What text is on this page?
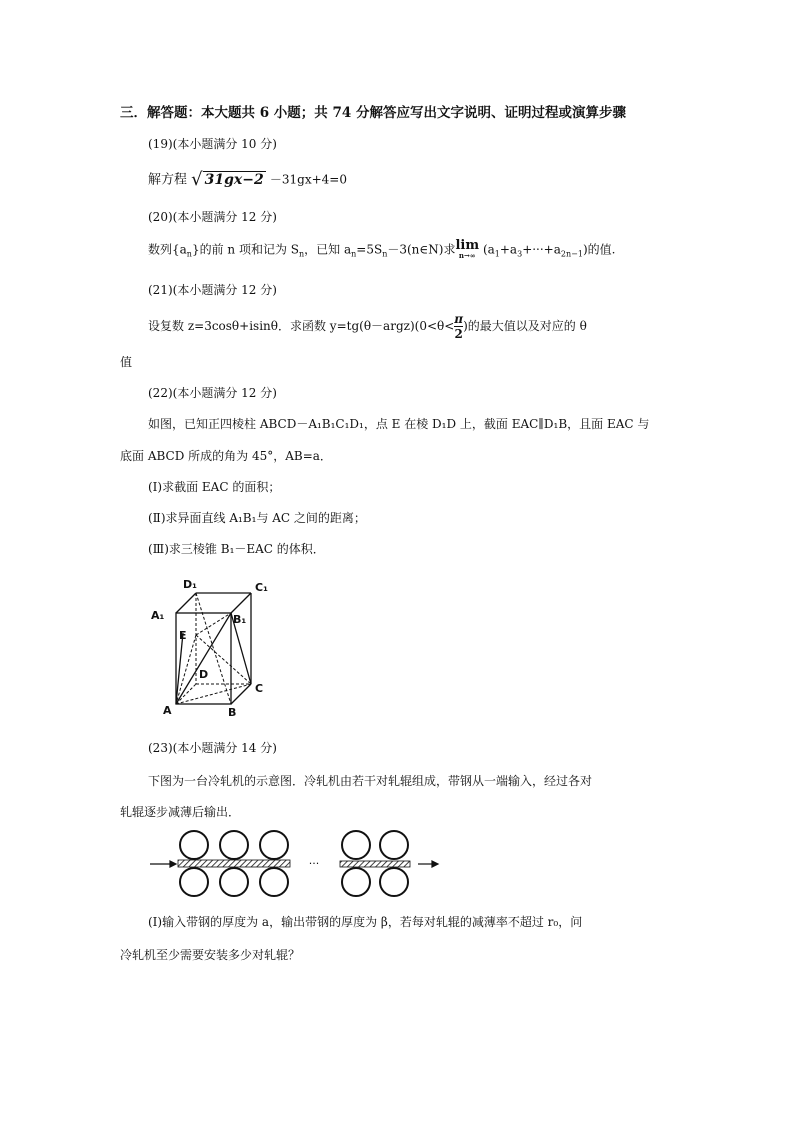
三．解答题：本大题共 6 小题；共 74 分解答应写出文字说明、证明过程或演算步骤
(19)(本小题满分 10 分)
解方程 √ 31gx−2 －31gx+4=0
(20)(本小题满分 12 分)
数列$\{a_n\}$的前 n 项和记为 $S_n$，已知 $a_n=5S_n-3(n\in N)$求 lim
n→∞ $(a_1+a_3+\cdot\cdot\cdot+a_{2n-1})$的值.
(21)(本小题满分 12 分)
设复数 z=3cosθ+isinθ．求函数 y=tg(θ－argz)(0<θ< $\frac{\pi}{2}$ )的最大值以及对应的 θ
值
(22)(本小题满分 12 分)
如图，已知正四棱柱 ABCD－A₁B₁C₁D₁，点 E 在棱 D₁D 上，截面 EAC∥D₁B，且面 EAC 与
底面 ABCD 所成的角为 45°，AB=a．
(Ⅰ)求截面 EAC 的面积；
(Ⅱ)求异面直线 A₁B₁与 AC 之间的距离；
(Ⅲ)求三棱锥 B₁－EAC 的体积．
D₁	C₁
A₁	B₁
E
D
C
A	B
(23)(本小题满分 14 分)
下图为一台冷轧机的示意图．冷轧机由若干对轧辊组成，带钢从一端输入，经过各对
轧辊逐步减薄后输出．
···
(Ⅰ)输入带钢的厚度为 a，输出带钢的厚度为 β，若每对轧辊的减薄率不超过 r₀，问
冷轧机至少需要安装多少对轧辊？
